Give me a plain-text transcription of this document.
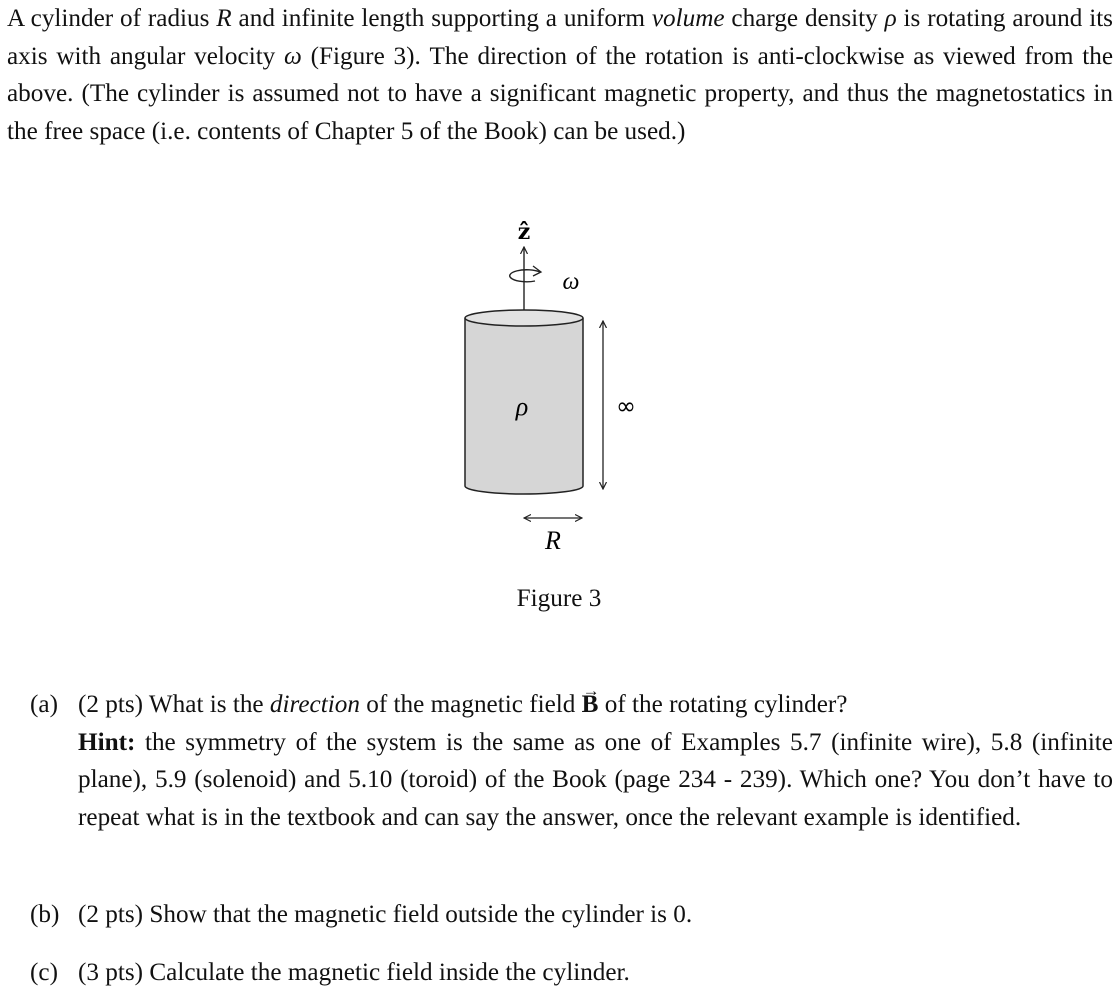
A cylinder of radius R and infinite length supporting a uniform volume charge density ρ is rotating around its axis with angular velocity ω (Figure 3). The direction of the rotation is anti-clockwise as viewed from the above. (The cylinder is assumed not to have a significant magnetic property, and thus the magnetostatics in the free space (i.e. contents of Chapter 5 of the Book) can be used.)
ẑ
ω
ρ	∞
R
Figure 3
(a) (2 pts) What is the direction of the magnetic field → B of the rotating cylinder?
Hint: the symmetry of the system is the same as one of Examples 5.7 (infinite wire), 5.8 (infinite plane), 5.9 (solenoid) and 5.10 (toroid) of the Book (page 234 - 239). Which one? You don’t have to repeat what is in the textbook and can say the answer, once the relevant example is identified.
(b) (2 pts) Show that the magnetic field outside the cylinder is 0.
(c) (3 pts) Calculate the magnetic field inside the cylinder.
